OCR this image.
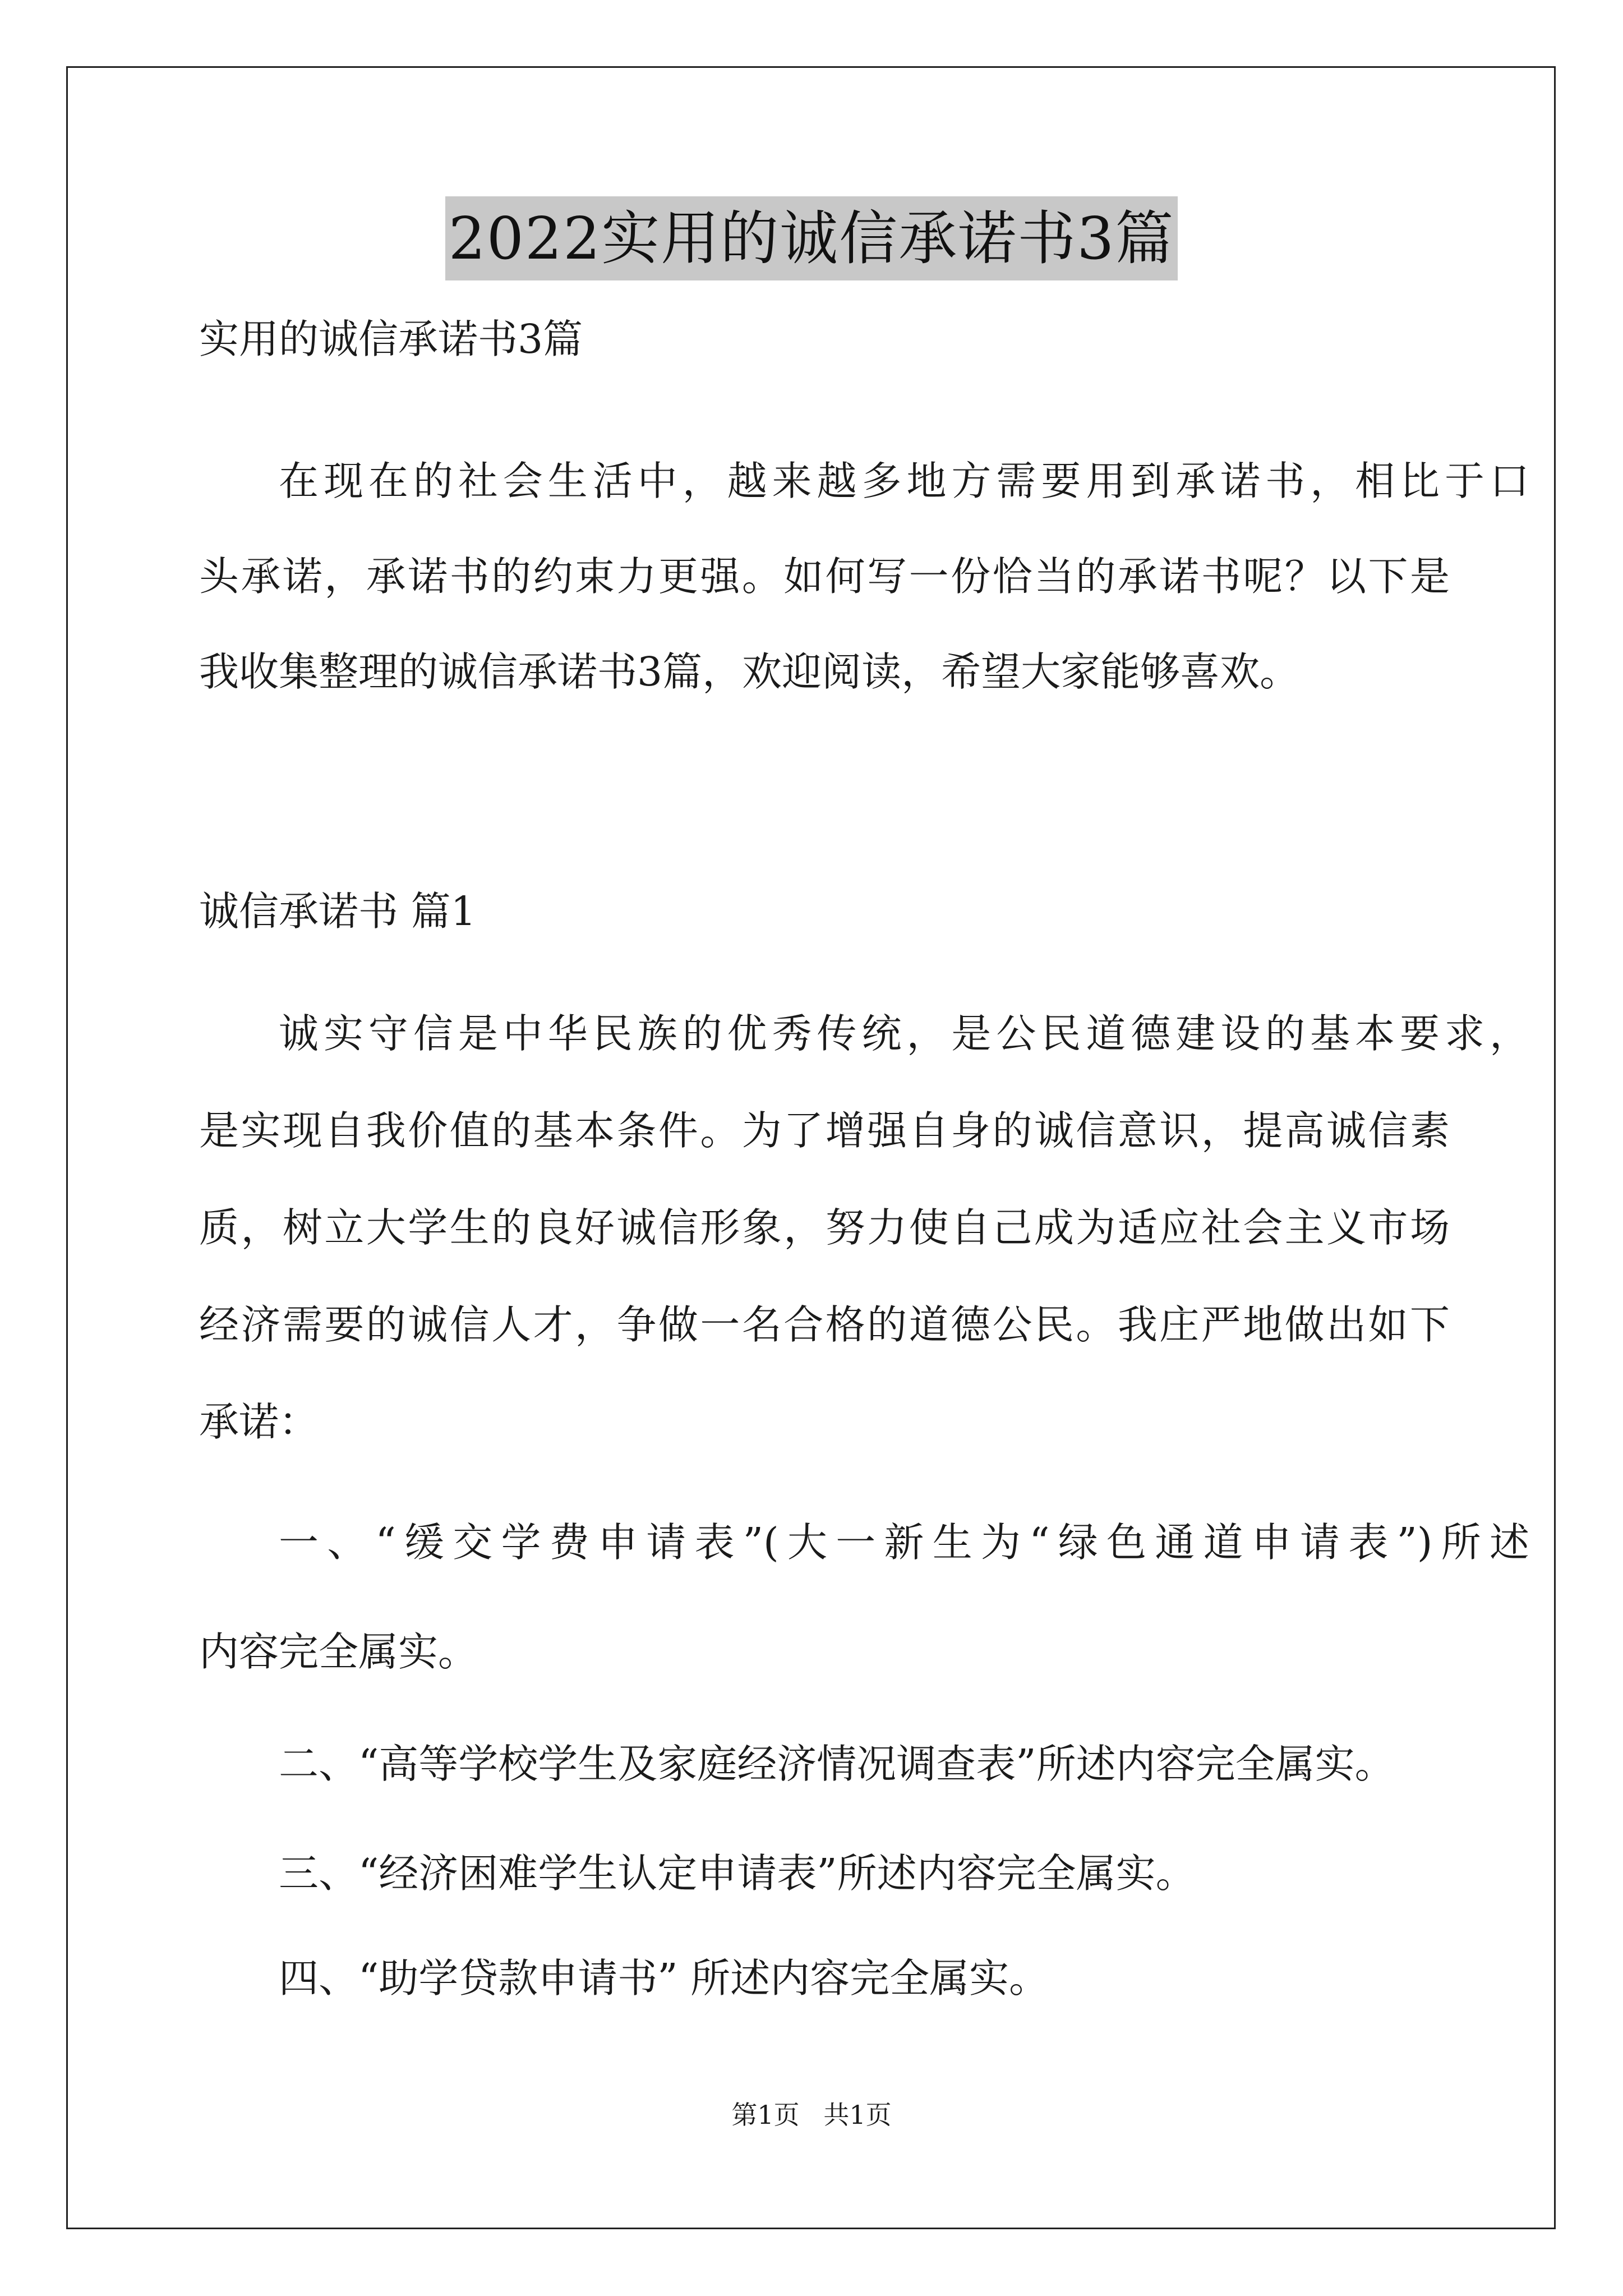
2022实用的诚信承诺书3篇
实用的诚信承诺书3篇
在现在的社会生活中，越来越多地方需要用到承诺书，相比于口
头承诺，承诺书的约束力更强。如何写一份恰当的承诺书呢？以下是
我收集整理的诚信承诺书3篇，欢迎阅读，希望大家能够喜欢。
诚信承诺书 篇1
诚实守信是中华民族的优秀传统，是公民道德建设的基本要求，
是实现自我价值的基本条件。为了增强自身的诚信意识，提高诚信素
质，树立大学生的良好诚信形象，努力使自己成为适应社会主义市场
经济需要的诚信人才，争做一名合格的道德公民。我庄严地做出如下
承诺：
一、“缓交学费申请表”(大一新生为“绿色通道申请表”)所述
内容完全属实。
二、“高等学校学生及家庭经济情况调查表”所述内容完全属实。
三、“经济困难学生认定申请表”所述内容完全属实。
四、“助学贷款申请书” 所述内容完全属实。
第1页 共1页
